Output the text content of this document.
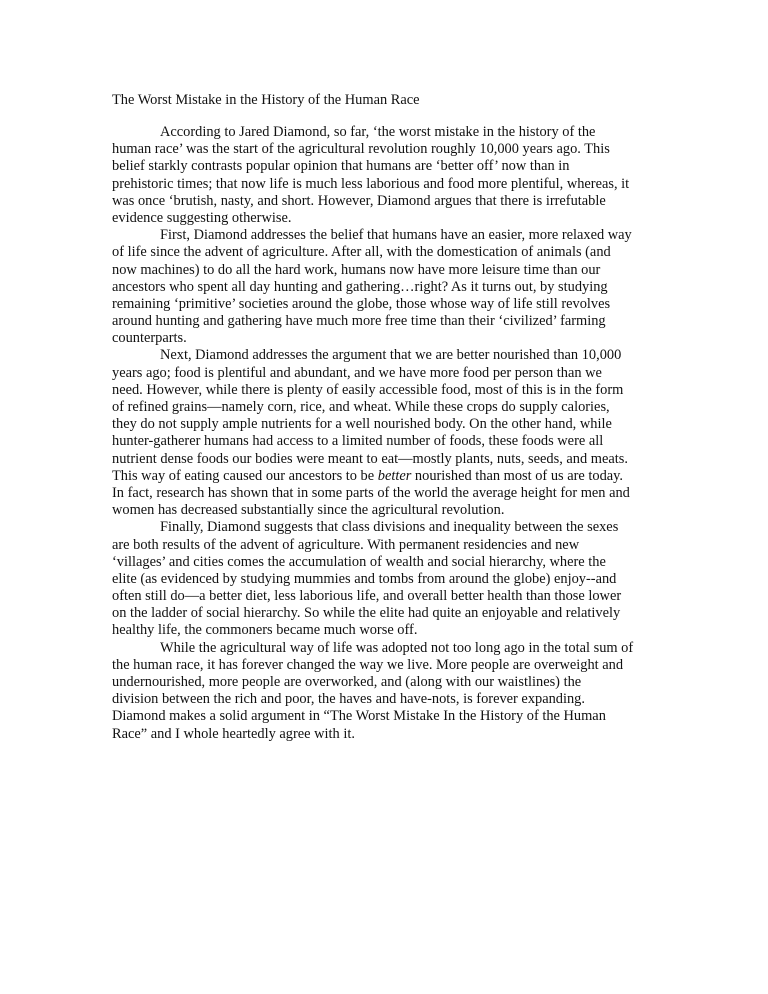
The Worst Mistake in the History of the Human Race
According to Jared Diamond, so far, ‘the worst mistake in the history of the
human race’ was the start of the agricultural revolution roughly 10,000 years ago. This
belief starkly contrasts popular opinion that humans are ‘better off’ now than in
prehistoric times; that now life is much less laborious and food more plentiful, whereas, it
was once ‘brutish, nasty, and short. However, Diamond argues that there is irrefutable
evidence suggesting otherwise.
First, Diamond addresses the belief that humans have an easier, more relaxed way
of life since the advent of agriculture. After all, with the domestication of animals (and
now machines) to do all the hard work, humans now have more leisure time than our
ancestors who spent all day hunting and gathering…right? As it turns out, by studying
remaining ‘primitive’ societies around the globe, those whose way of life still revolves
around hunting and gathering have much more free time than their ‘civilized’ farming
counterparts.
Next, Diamond addresses the argument that we are better nourished than 10,000
years ago; food is plentiful and abundant, and we have more food per person than we
need. However, while there is plenty of easily accessible food, most of this is in the form
of refined grains—namely corn, rice, and wheat. While these crops do supply calories,
they do not supply ample nutrients for a well nourished body. On the other hand, while
hunter-gatherer humans had access to a limited number of foods, these foods were all
nutrient dense foods our bodies were meant to eat—mostly plants, nuts, seeds, and meats.
This way of eating caused our ancestors to be better nourished than most of us are today.
In fact, research has shown that in some parts of the world the average height for men and
women has decreased substantially since the agricultural revolution.
Finally, Diamond suggests that class divisions and inequality between the sexes
are both results of the advent of agriculture. With permanent residencies and new
‘villages’ and cities comes the accumulation of wealth and social hierarchy, where the
elite (as evidenced by studying mummies and tombs from around the globe) enjoy--and
often still do—a better diet, less laborious life, and overall better health than those lower
on the ladder of social hierarchy. So while the elite had quite an enjoyable and relatively
healthy life, the commoners became much worse off.
While the agricultural way of life was adopted not too long ago in the total sum of
the human race, it has forever changed the way we live. More people are overweight and
undernourished, more people are overworked, and (along with our waistlines) the
division between the rich and poor, the haves and have-nots, is forever expanding.
Diamond makes a solid argument in “The Worst Mistake In the History of the Human
Race” and I whole heartedly agree with it.
